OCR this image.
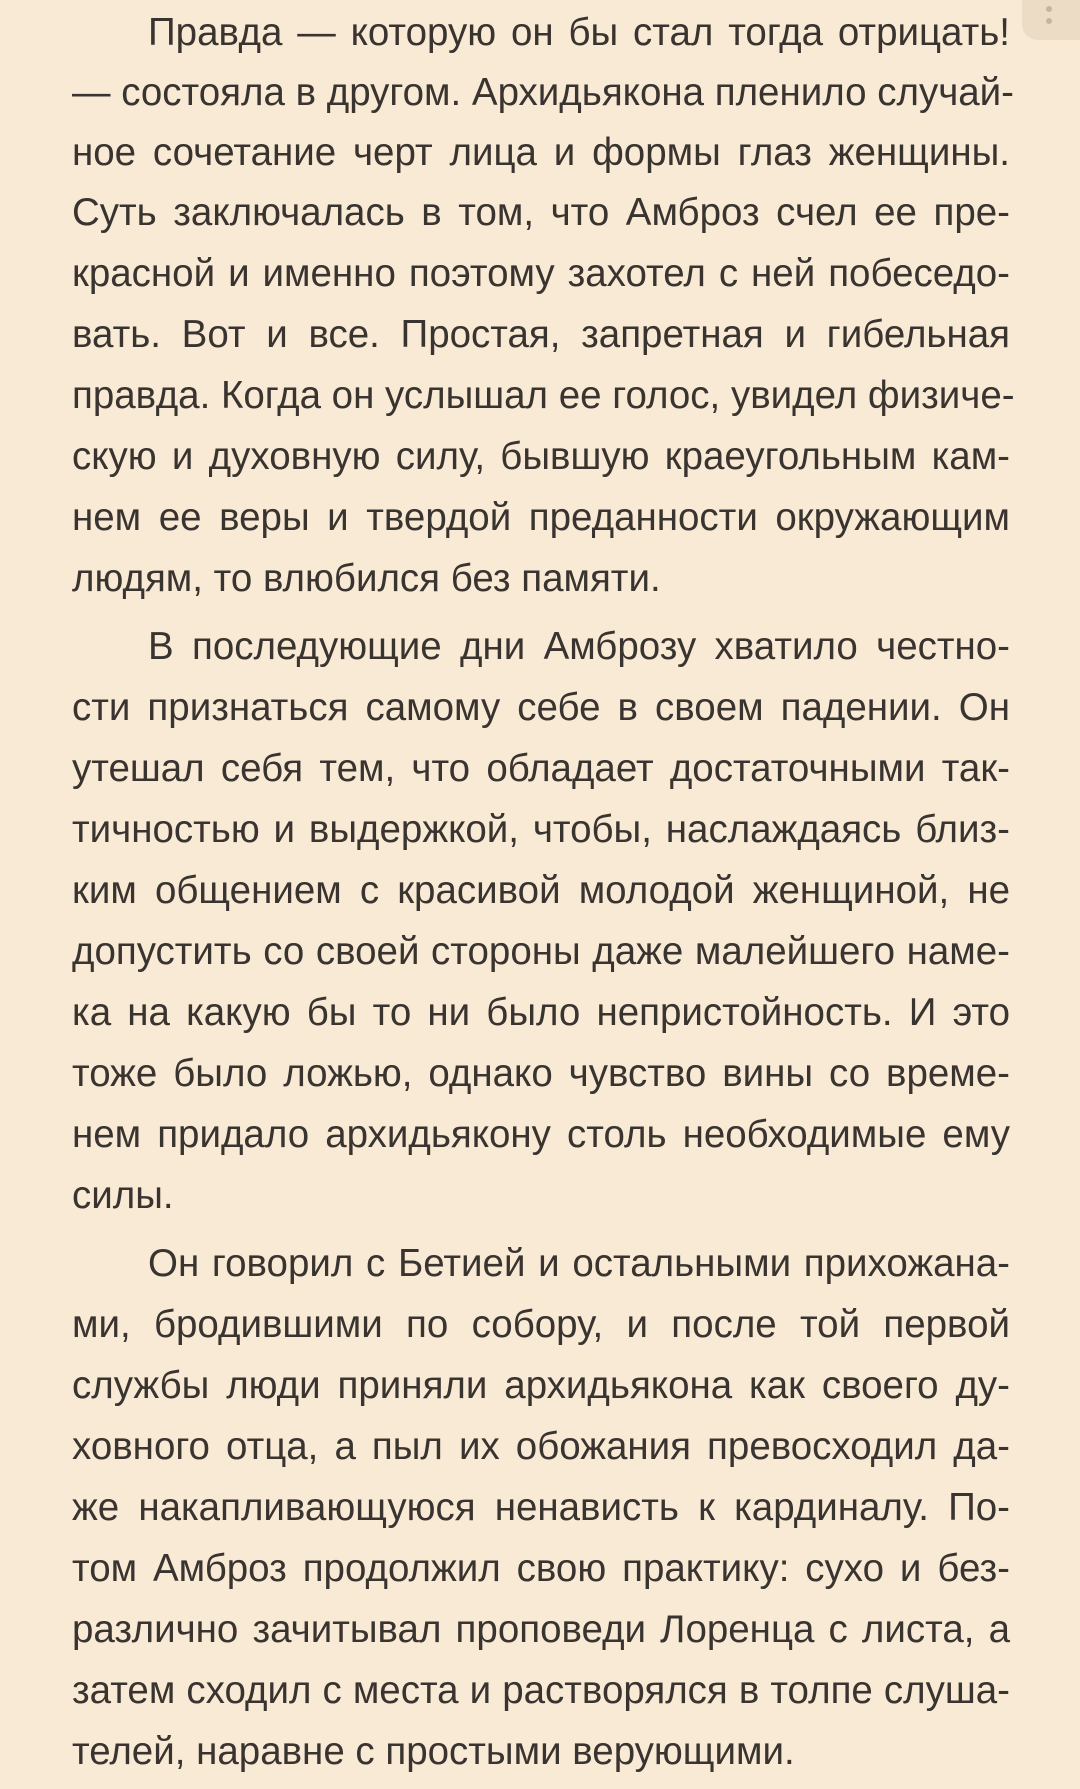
Правда — которую он бы стал тогда отрицать!
— состояла в другом. Архидьякона пленило случай-
ное сочетание черт лица и формы глаз женщины.
Суть заключалась в том, что Амброз счел ее пре-
красной и именно поэтому захотел с ней побеседо-
вать. Вот и все. Простая, запретная и гибельная
правда. Когда он услышал ее голос, увидел физиче-
скую и духовную силу, бывшую краеугольным кам-
нем ее веры и твердой преданности окружающим
людям, то влюбился без памяти.
В последующие дни Амброзу хватило честно-
сти признаться самому себе в своем падении. Он
утешал себя тем, что обладает достаточными так-
тичностью и выдержкой, чтобы, наслаждаясь близ-
ким общением с красивой молодой женщиной, не
допустить со своей стороны даже малейшего наме-
ка на какую бы то ни было непристойность. И это
тоже было ложью, однако чувство вины со време-
нем придало архидьякону столь необходимые ему
силы.
Он говорил с Бетией и остальными прихожана-
ми, бродившими по собору, и после той первой
службы люди приняли архидьякона как своего ду-
ховного отца, а пыл их обожания превосходил да-
же накапливающуюся ненависть к кардиналу. По-
том Амброз продолжил свою практику: сухо и без-
различно зачитывал проповеди Лоренца с листа, а
затем сходил с места и растворялся в толпе слуша-
телей, наравне с простыми верующими.
